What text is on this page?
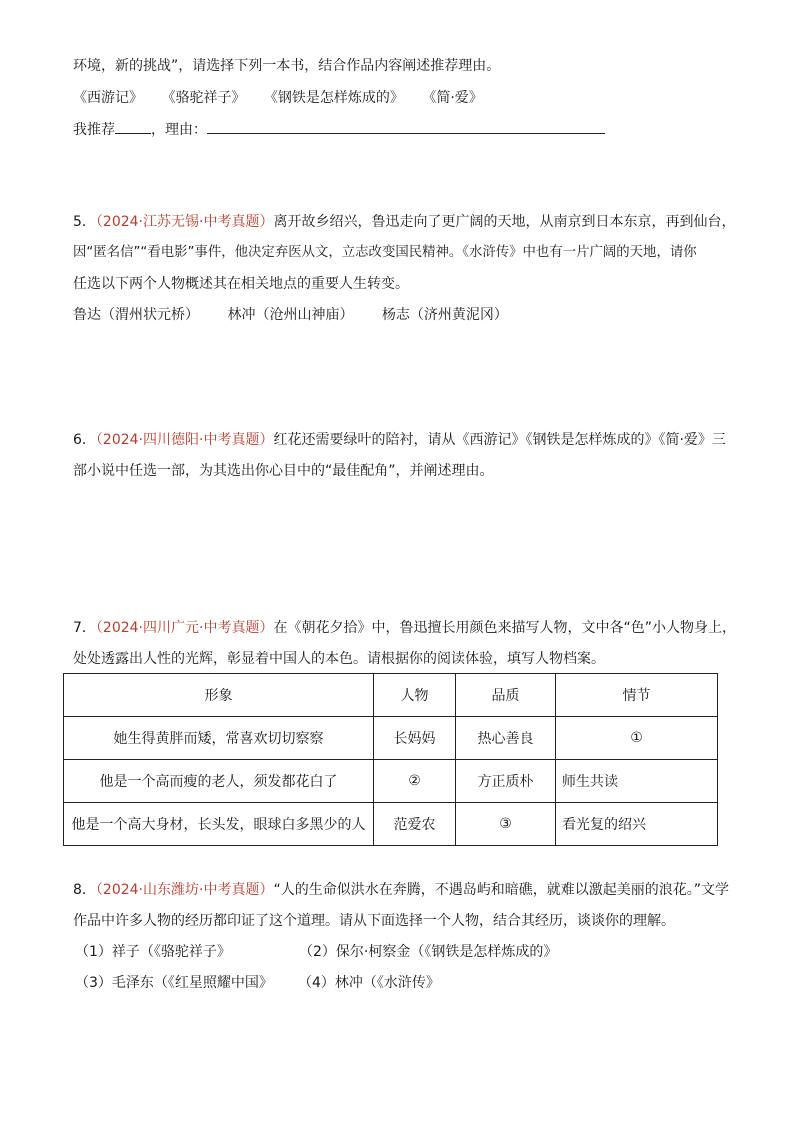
环境，新的挑战”，请选择下列一本书，结合作品内容阐述推荐理由。
《西游记》 《骆驼祥子》 《钢铁是怎样炼成的》 《简·爱》
我推荐	，理由：
5．（2024·江苏无锡·中考真题）离开故乡绍兴，鲁迅走向了更广阔的天地，从南京到日本东京，再到仙台，
因“匿名信”“看电影”事件，他决定弃医从文，立志改变国民精神。《水浒传》中也有一片广阔的天地，请你
任选以下两个人物概述其在相关地点的重要人生转变。
鲁达（渭州状元桥） 林冲（沧州山神庙） 杨志（济州黄泥冈）
6．（2024·四川德阳·中考真题）红花还需要绿叶的陪衬，请从《西游记》《钢铁是怎样炼成的》《简·爱》三
部小说中任选一部，为其选出你心目中的“最佳配角”，并阐述理由。
7．（2024·四川广元·中考真题）在《朝花夕拾》中，鲁迅擅长用颜色来描写人物，文中各“色”小人物身上，
处处透露出人性的光辉，彰显着中国人的本色。请根据你的阅读体验，填写人物档案。
形象	人物	品质	情节
她生得黄胖而矮，常喜欢切切察察	长妈妈	热心善良	①
他是一个高而瘦的老人，须发都花白了	②	方正质朴	师生共读
他是一个高大身材，长头发，眼球白多黑少的人	范爱农	③	看光复的绍兴
8．（2024·山东潍坊·中考真题）“人的生命似洪水在奔腾，不遇岛屿和暗礁，就难以激起美丽的浪花。”文学
作品中许多人物的经历都印证了这个道理。请从下面选择一个人物，结合其经历，谈谈你的理解。
（1）祥子（《骆驼祥子》	（2）保尔·柯察金（《钢铁是怎样炼成的》
（3）毛泽东（《红星照耀中国》	（4）林冲（《水浒传》
